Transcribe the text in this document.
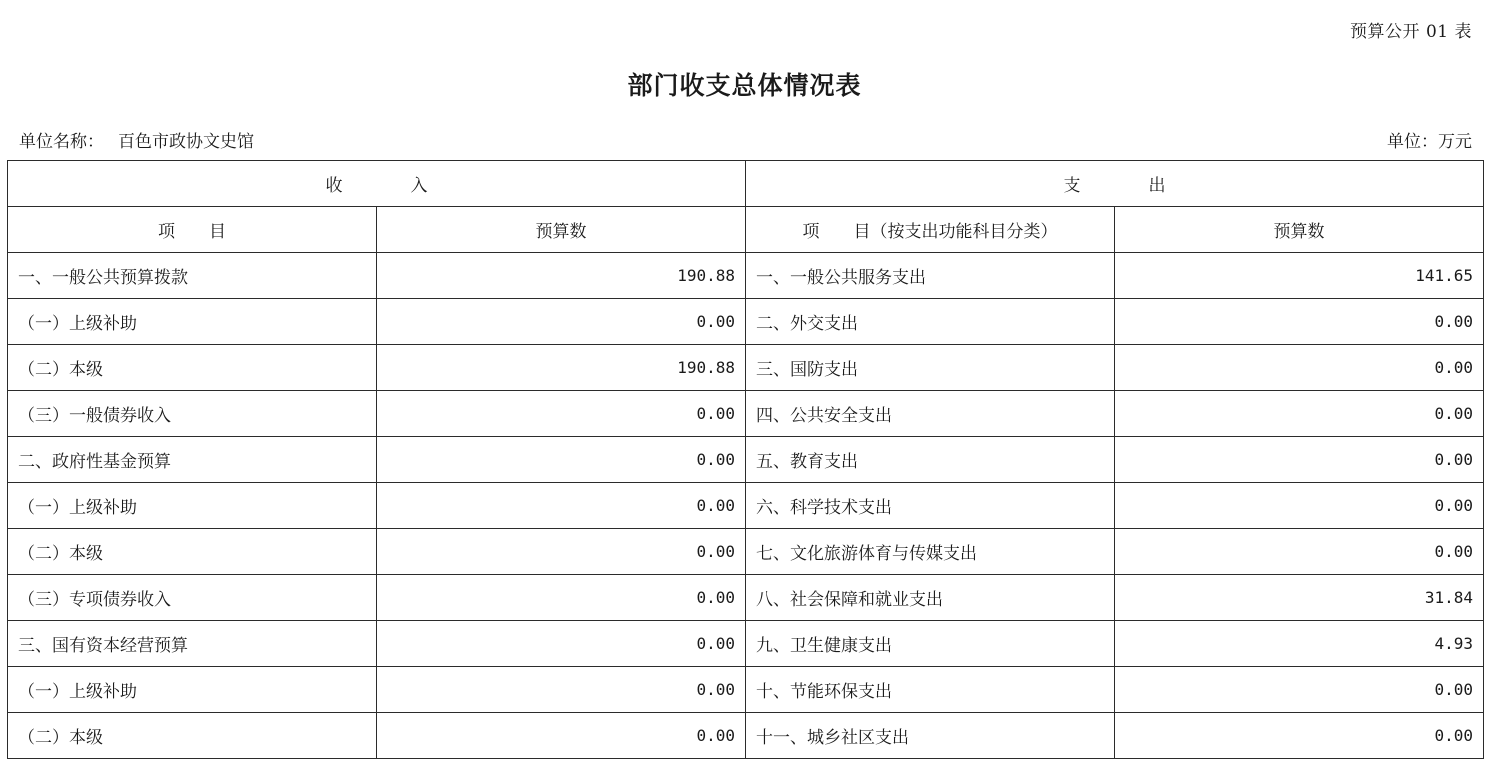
预算公开 01 表
部门收支总体情况表
单位名称： 百色市政协文史馆	单位：万元
收　　　　入		支　　　　出	
项　　目	预算数	项　　目（按支出功能科目分类）	预算数
一、一般公共预算拨款	190.88	一、一般公共服务支出	141.65
（一）上级补助	0.00	二、外交支出	0.00
（二）本级	190.88	三、国防支出	0.00
（三）一般债券收入	0.00	四、公共安全支出	0.00
二、政府性基金预算	0.00	五、教育支出	0.00
（一）上级补助	0.00	六、科学技术支出	0.00
（二）本级	0.00	七、文化旅游体育与传媒支出	0.00
（三）专项债券收入	0.00	八、社会保障和就业支出	31.84
三、国有资本经营预算	0.00	九、卫生健康支出	4.93
（一）上级补助	0.00	十、节能环保支出	0.00
（二）本级	0.00	十一、城乡社区支出	0.00
